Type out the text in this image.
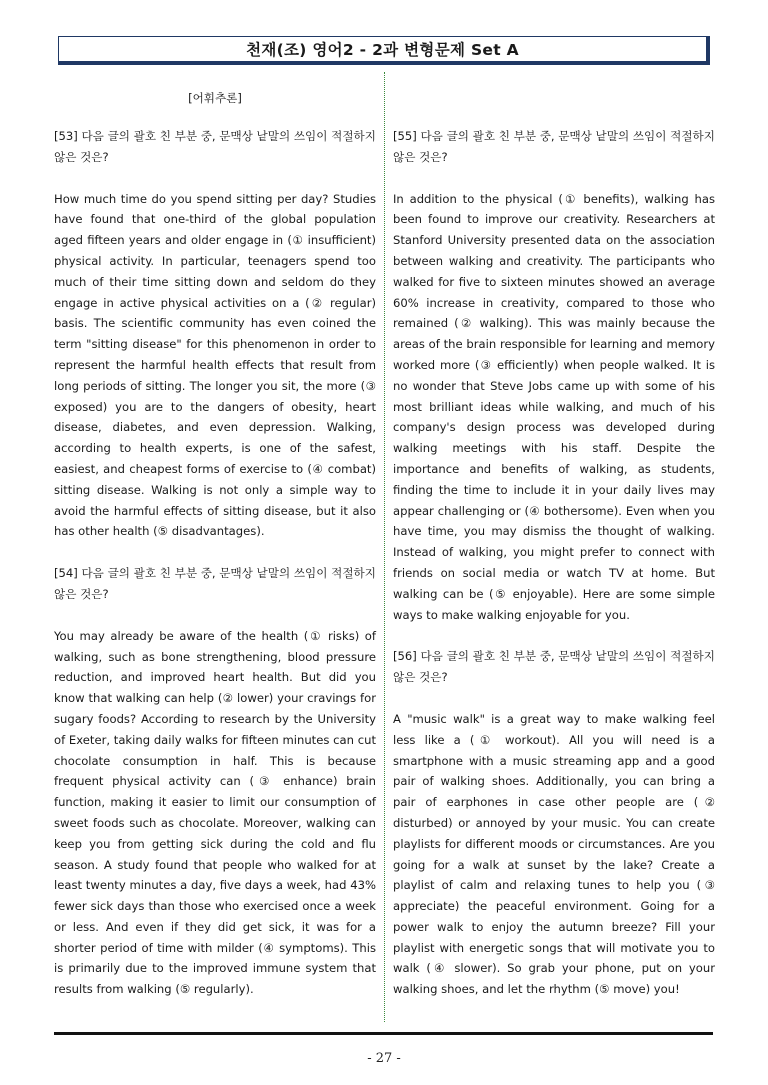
천재(조) 영어2 - 2과 변형문제 Set A
[어휘추론]

[53] 다음 글의 괄호 친 부분 중, 문맥상 낱말의 쓰임이 적절하지 않은 것은?

How much time do you spend sitting per day? Studies have found that one-third of the global population aged fifteen years and older engage in (① insufficient) physical activity. In particular, teenagers spend too much of their time sitting down and seldom do they engage in active physical activities on a (② regular) basis. The scientific community has even coined the term "sitting disease" for this phenomenon in order to represent the harmful health effects that result from long periods of sitting. The longer you sit, the more (③ exposed) you are to the dangers of obesity, heart disease, diabetes, and even depression. Walking, according to health experts, is one of the safest, easiest, and cheapest forms of exercise to (④ combat) sitting disease. Walking is not only a simple way to avoid the harmful effects of sitting disease, but it also has other health (⑤ disadvantages).

[54] 다음 글의 괄호 친 부분 중, 문맥상 낱말의 쓰임이 적절하지 않은 것은?

You may already be aware of the health (① risks) of walking, such as bone strengthening, blood pressure reduction, and improved heart health. But did you know that walking can help (② lower) your cravings for sugary foods? According to research by the University of Exeter, taking daily walks for fifteen minutes can cut chocolate consumption in half. This is because frequent physical activity can (③ enhance) brain function, making it easier to limit our consumption of sweet foods such as chocolate. Moreover, walking can keep you from getting sick during the cold and flu season. A study found that people who walked for at least twenty minutes a day, five days a week, had 43% fewer sick days than those who exercised once a week or less. And even if they did get sick, it was for a shorter period of time with milder (④ symptoms). This is primarily due to the improved immune system that results from walking (⑤ regularly).

[55] 다음 글의 괄호 친 부분 중, 문맥상 낱말의 쓰임이 적절하지 않은 것은?

In addition to the physical (① benefits), walking has been found to improve our creativity. Researchers at Stanford University presented data on the association between walking and creativity. The participants who walked for five to sixteen minutes showed an average 60% increase in creativity, compared to those who remained (② walking). This was mainly because the areas of the brain responsible for learning and memory worked more (③ efficiently) when people walked. It is no wonder that Steve Jobs came up with some of his most brilliant ideas while walking, and much of his company's design process was developed during walking meetings with his staff. Despite the importance and benefits of walking, as students, finding the time to include it in your daily lives may appear challenging or (④ bothersome). Even when you have time, you may dismiss the thought of walking. Instead of walking, you might prefer to connect with friends on social media or watch TV at home. But walking can be (⑤ enjoyable). Here are some simple ways to make walking enjoyable for you.

[56] 다음 글의 괄호 친 부분 중, 문맥상 낱말의 쓰임이 적절하지 않은 것은?

A "music walk" is a great way to make walking feel less like a (① workout). All you will need is a smartphone with a music streaming app and a good pair of walking shoes. Additionally, you can bring a pair of earphones in case other people are (② disturbed) or annoyed by your music. You can create playlists for different moods or circumstances. Are you going for a walk at sunset by the lake? Create a playlist of calm and relaxing tunes to help you (③ appreciate) the peaceful environment. Going for a power walk to enjoy the autumn breeze? Fill your playlist with energetic songs that will motivate you to walk (④ slower). So grab your phone, put on your walking shoes, and let the rhythm (⑤ move) you!

- 27 -
